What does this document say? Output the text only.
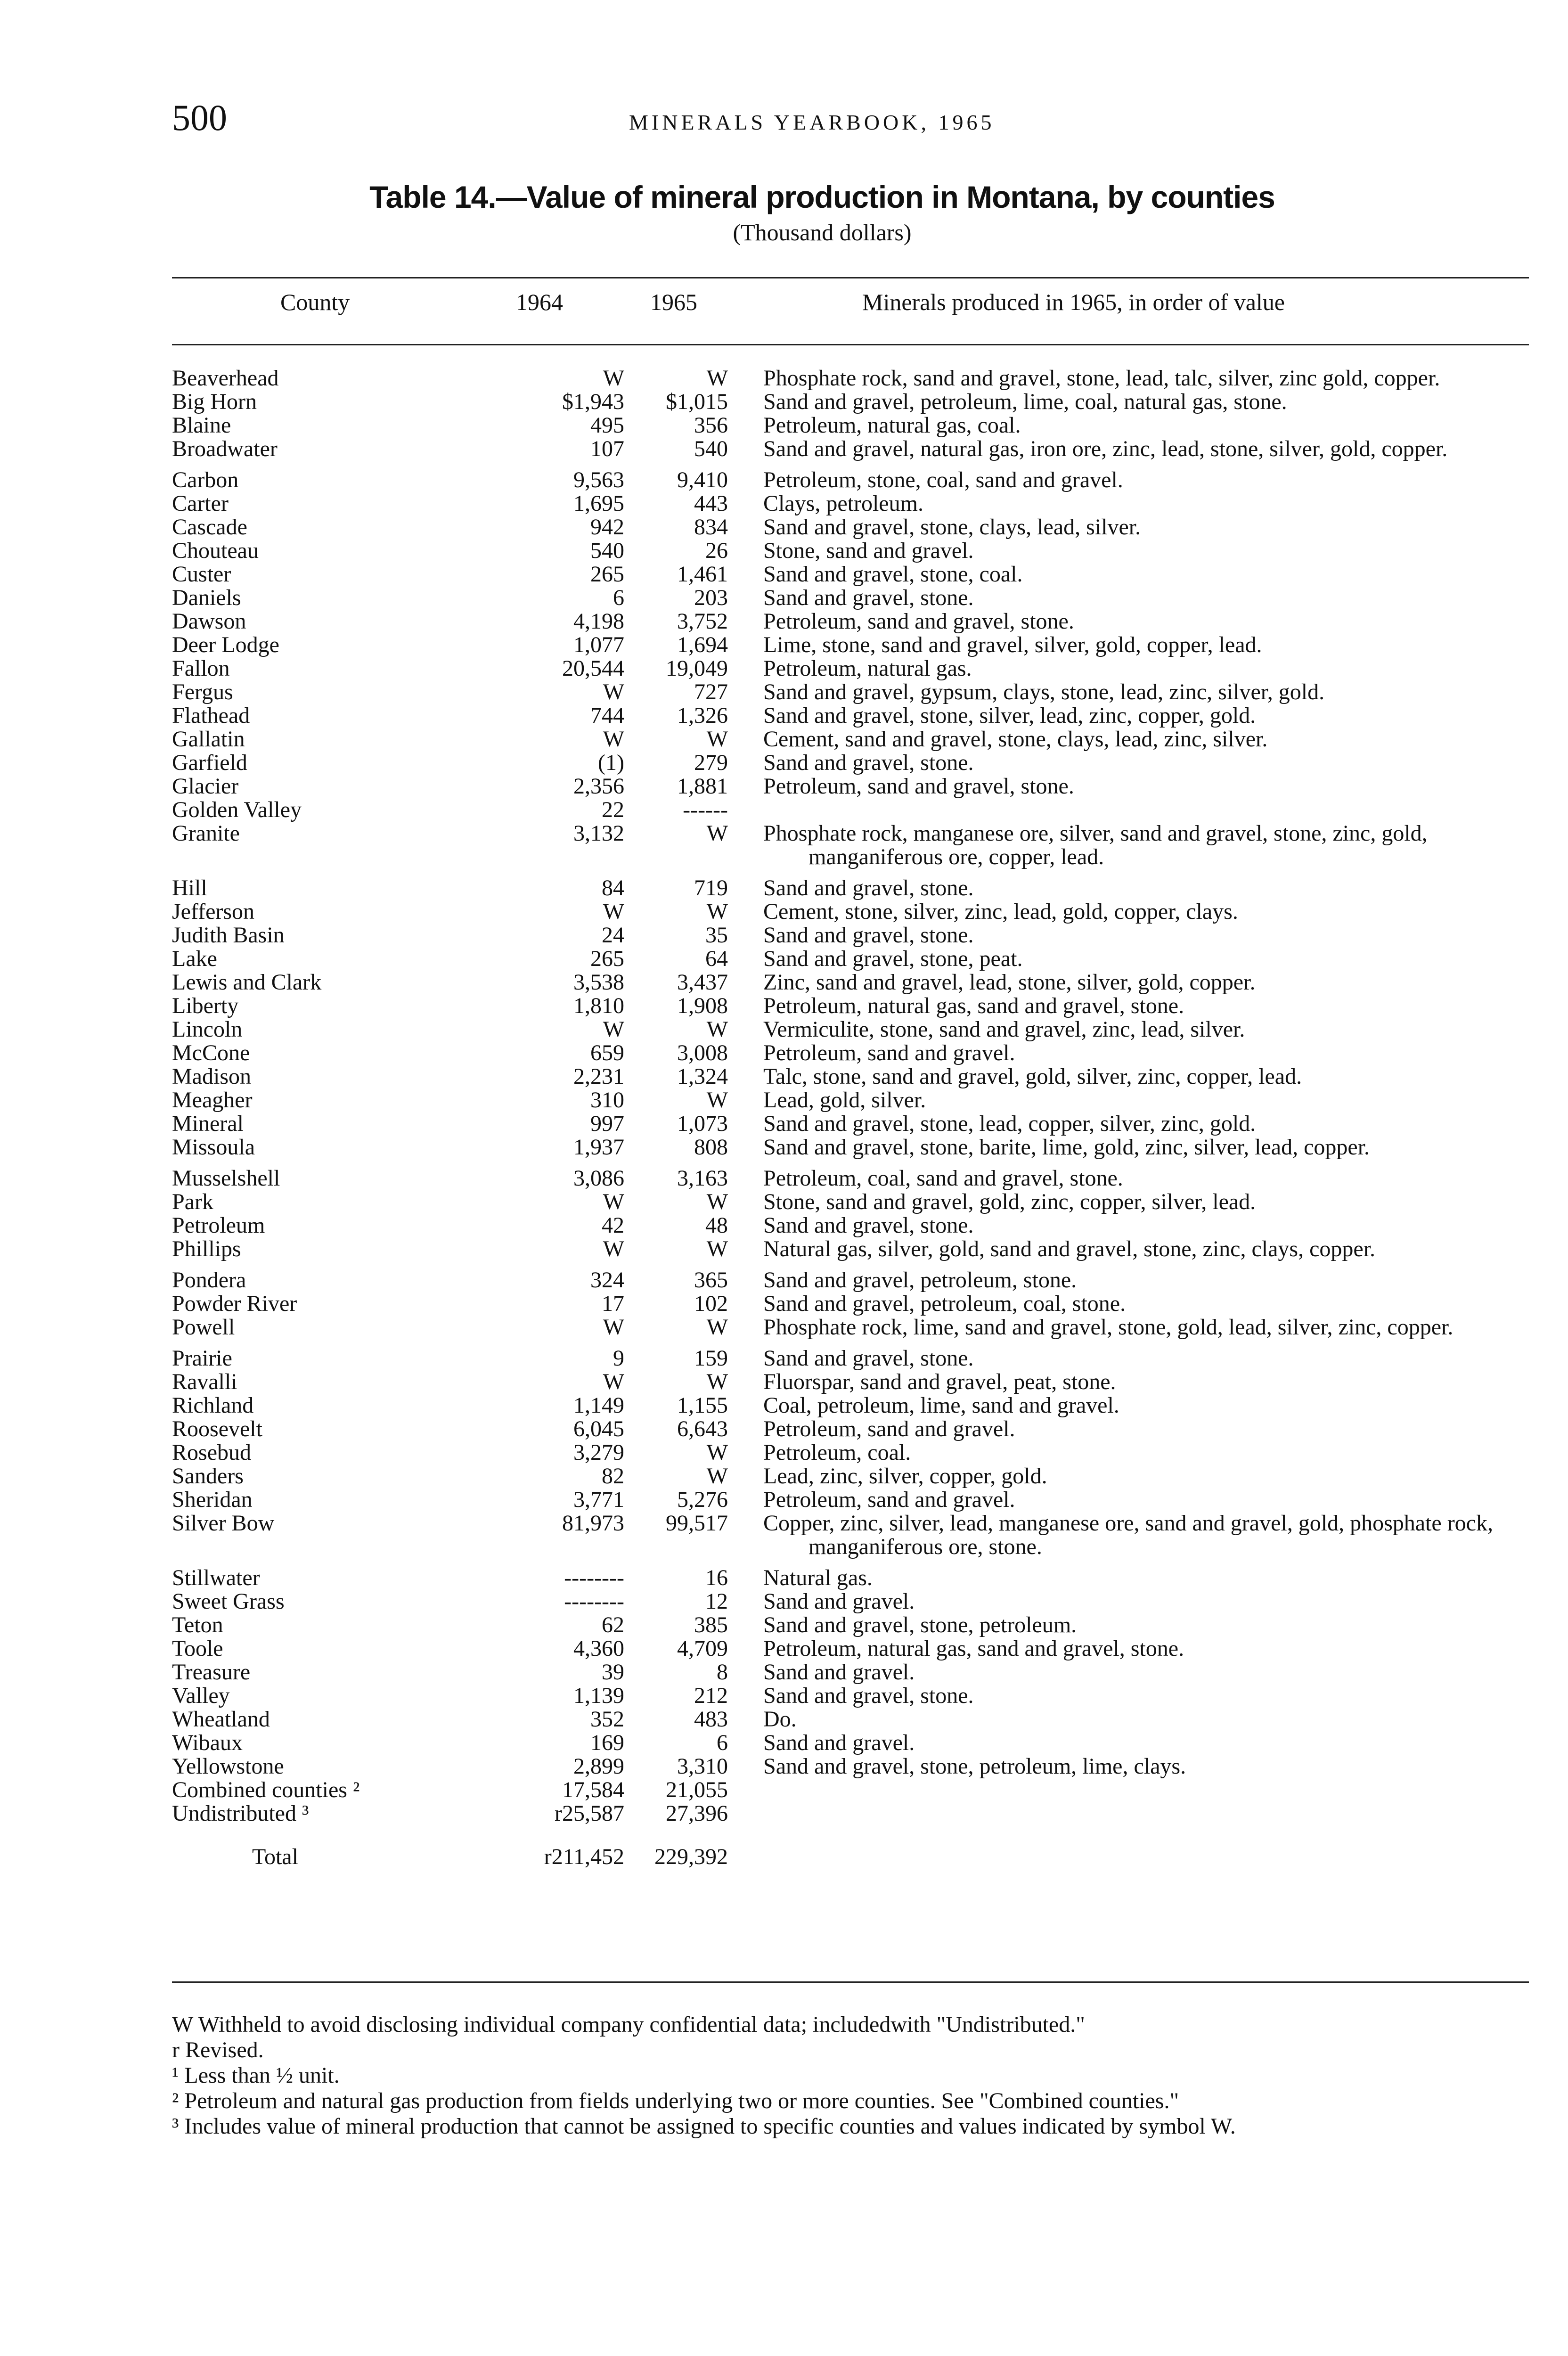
500	MINERALS YEARBOOK, 1965
Table 14.—Value of mineral production in Montana, by counties
(Thousand dollars)
County	1964	1965	Minerals produced in 1965, in order of value
Beaverhead	W	W Phosphate rock, sand and gravel, stone, lead, talc, silver, zinc gold, copper.
Big Horn	$1,943	$1,015 Sand and gravel, petroleum, lime, coal, natural gas, stone.
Blaine	495	356 Petroleum, natural gas, coal.
Broadwater	107	540 Sand and gravel, natural gas, iron ore, zinc, lead, stone, silver, gold, copper.
Carbon	9,563	9,410 Petroleum, stone, coal, sand and gravel.
Carter	1,695	443 Clays, petroleum.
Cascade	942	834 Sand and gravel, stone, clays, lead, silver.
Chouteau	540	26 Stone, sand and gravel.
Custer	265	1,461 Sand and gravel, stone, coal.
Daniels	6	203 Sand and gravel, stone.
Dawson	4,198	3,752 Petroleum, sand and gravel, stone.
Deer Lodge	1,077	1,694 Lime, stone, sand and gravel, silver, gold, copper, lead.
Fallon	20,544	19,049 Petroleum, natural gas.
Fergus	W	727 Sand and gravel, gypsum, clays, stone, lead, zinc, silver, gold.
Flathead	744	1,326 Sand and gravel, stone, silver, lead, zinc, copper, gold.
Gallatin	W	W Cement, sand and gravel, stone, clays, lead, zinc, silver.
Garfield	(1)	279 Sand and gravel, stone.
Glacier	2,356	1,881 Petroleum, sand and gravel, stone.
Golden Valley	22	------
Granite	3,132	W Phosphate rock, manganese ore, silver, sand and gravel, stone, zinc, gold, manganiferous ore, copper, lead.
Hill	84	719 Sand and gravel, stone.
Jefferson	W	W Cement, stone, silver, zinc, lead, gold, copper, clays.
Judith Basin	24	35 Sand and gravel, stone.
Lake	265	64 Sand and gravel, stone, peat.
Lewis and Clark	3,538	3,437 Zinc, sand and gravel, lead, stone, silver, gold, copper.
Liberty	1,810	1,908 Petroleum, natural gas, sand and gravel, stone.
Lincoln	W	W Vermiculite, stone, sand and gravel, zinc, lead, silver.
McCone	659	3,008 Petroleum, sand and gravel.
Madison	2,231	1,324 Talc, stone, sand and gravel, gold, silver, zinc, copper, lead.
Meagher	310	W Lead, gold, silver.
Mineral	997	1,073 Sand and gravel, stone, lead, copper, silver, zinc, gold.
Missoula	1,937	808 Sand and gravel, stone, barite, lime, gold, zinc, silver, lead, copper.
Musselshell	3,086	3,163 Petroleum, coal, sand and gravel, stone.
Park	W	W Stone, sand and gravel, gold, zinc, copper, silver, lead.
Petroleum	42	48 Sand and gravel, stone.
Phillips	W	W Natural gas, silver, gold, sand and gravel, stone, zinc, clays, copper.
Pondera	324	365 Sand and gravel, petroleum, stone.
Powder River	17	102 Sand and gravel, petroleum, coal, stone.
Powell	W	W Phosphate rock, lime, sand and gravel, stone, gold, lead, silver, zinc, copper.
Prairie	9	159 Sand and gravel, stone.
Ravalli	W	W Fluorspar, sand and gravel, peat, stone.
Richland	1,149	1,155 Coal, petroleum, lime, sand and gravel.
Roosevelt	6,045	6,643 Petroleum, sand and gravel.
Rosebud	3,279	W Petroleum, coal.
Sanders	82	W Lead, zinc, silver, copper, gold.
Sheridan	3,771	5,276 Petroleum, sand and gravel.
Silver Bow	81,973	99,517 Copper, zinc, silver, lead, manganese ore, sand and gravel, gold, phosphate rock, manganiferous ore, stone.
Stillwater	--------	16 Natural gas.
Sweet Grass	--------	12 Sand and gravel.
Teton	62	385 Sand and gravel, stone, petroleum.
Toole	4,360	4,709 Petroleum, natural gas, sand and gravel, stone.
Treasure	39	8 Sand and gravel.
Valley	1,139	212 Sand and gravel, stone.
Wheatland	352	483 Do.
Wibaux	169	6 Sand and gravel.
Yellowstone	2,899	3,310 Sand and gravel, stone, petroleum, lime, clays.
Combined counties ²	17,584	21,055
Undistributed ³	r25,587	27,396
Total	r211,452	229,392

W Withheld to avoid disclosing individual company confidential data; includedwith "Undistributed."

r Revised.

¹ Less than ½ unit.

² Petroleum and natural gas production from fields underlying two or more counties. See "Combined counties."

³ Includes value of mineral production that cannot be assigned to specific counties and values indicated by symbol W.
